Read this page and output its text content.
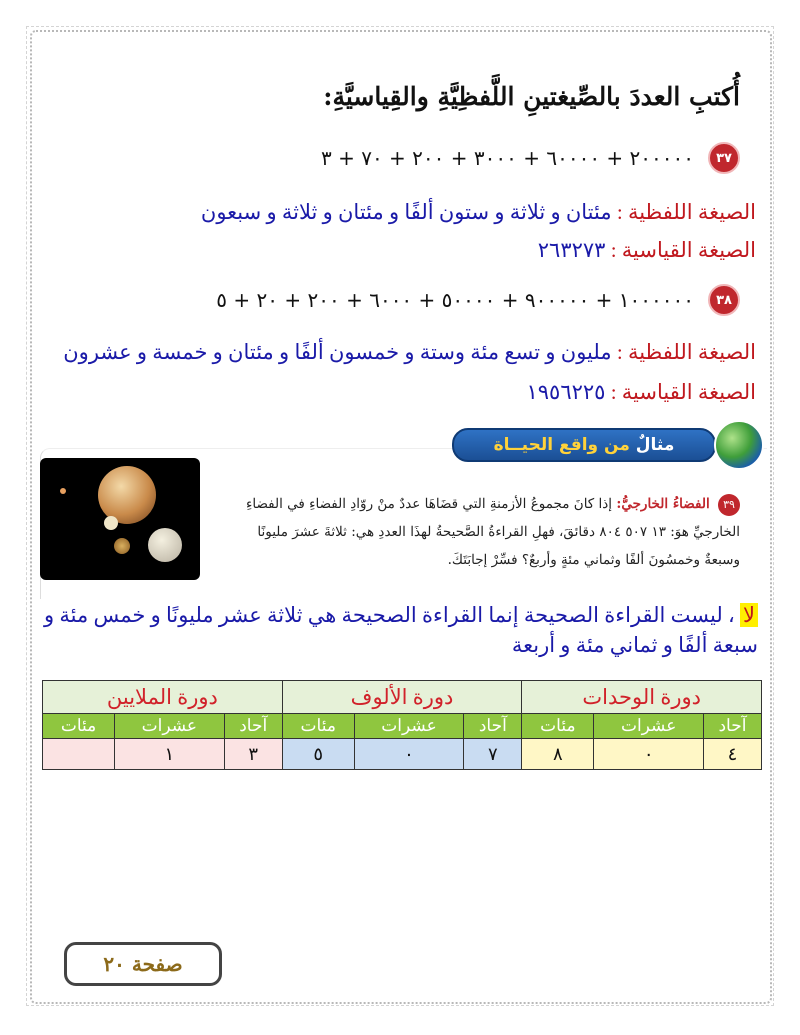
أُكتبِ العددَ بالصِّيغتينِ اللَّفظِيَّةِ والقِياسيَّةِ:
٣٧
٢٠٠٠٠٠ + ٦٠٠٠٠ + ٣٠٠٠ + ٢٠٠ + ٧٠ + ٣
الصيغة اللفظية : مئتان و ثلاثة و ستون ألفًا و مئتان و ثلاثة و سبعون
الصيغة القياسية : ٢٦٣٢٧٣
٣٨
١٠٠٠٠٠٠ + ٩٠٠٠٠٠ + ٥٠٠٠٠ + ٦٠٠٠ + ٢٠٠ + ٢٠ + ٥
الصيغة اللفظية : مليون و تسع مئة وستة و خمسون ألفًا و مئتان و خمسة و عشرون
الصيغة القياسية : ١٩٥٦٢٢٥
مثالٌ

من واقع الحيــاة
٣٩ الفضاءُ الخارجيُّ: إذا كانَ مجموعُ الأزمنةِ التي قضَاهَا عددٌ منْ روّادِ الفضاءِ في الفضاءِ الخارجيِّ هوَ: ١٣ ٥٠٧ ٨٠٤ دقائقَ، فهلِ القراءةُ الصَّحيحةُ لهذَا العددِ هي: ثلاثةَ عشرَ مليونًا وسبعةٌ وخمسُونَ ألفًا وثماني مئةٍ وأربعٌ؟ فسِّرْ إجابَتَكَ.
لا ، ليست القراءة الصحيحة إنما القراءة الصحيحة هي ثلاثة عشر مليونًا و خمس مئة و سبعة ألفًا و ثماني مئة و أربعة
دورة الوحدات			دورة الألوف			دورة الملايين		
آحاد	عشرات	مئات	آحاد	عشرات	مئات	آحاد	عشرات	مئات
٤	٠	٨	٧	٠	٥	٣	١	
صفحة ٢٠
